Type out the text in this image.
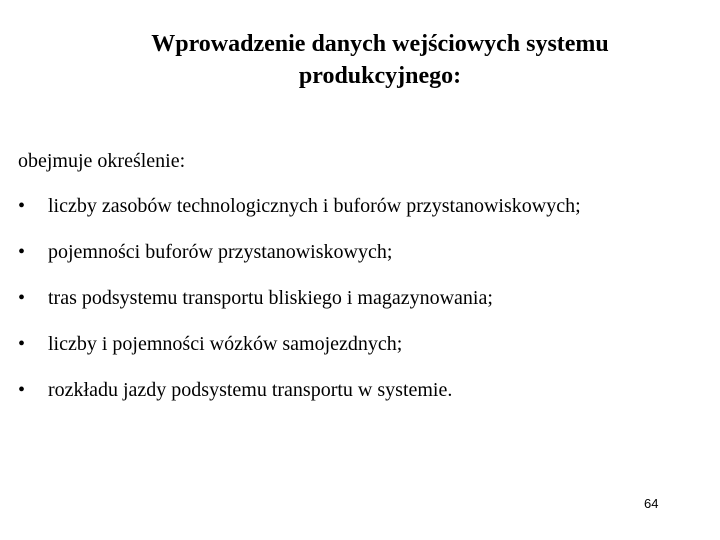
Wprowadzenie danych wejściowych systemu
produkcyjnego:

obejmuje określenie:

• liczby zasobów technologicznych i buforów przystanowiskowych;
• pojemności buforów przystanowiskowych;
• tras podsystemu transportu bliskiego i magazynowania;
• liczby i pojemności wózków samojezdnych;
• rozkładu jazdy podsystemu transportu w systemie.
64
